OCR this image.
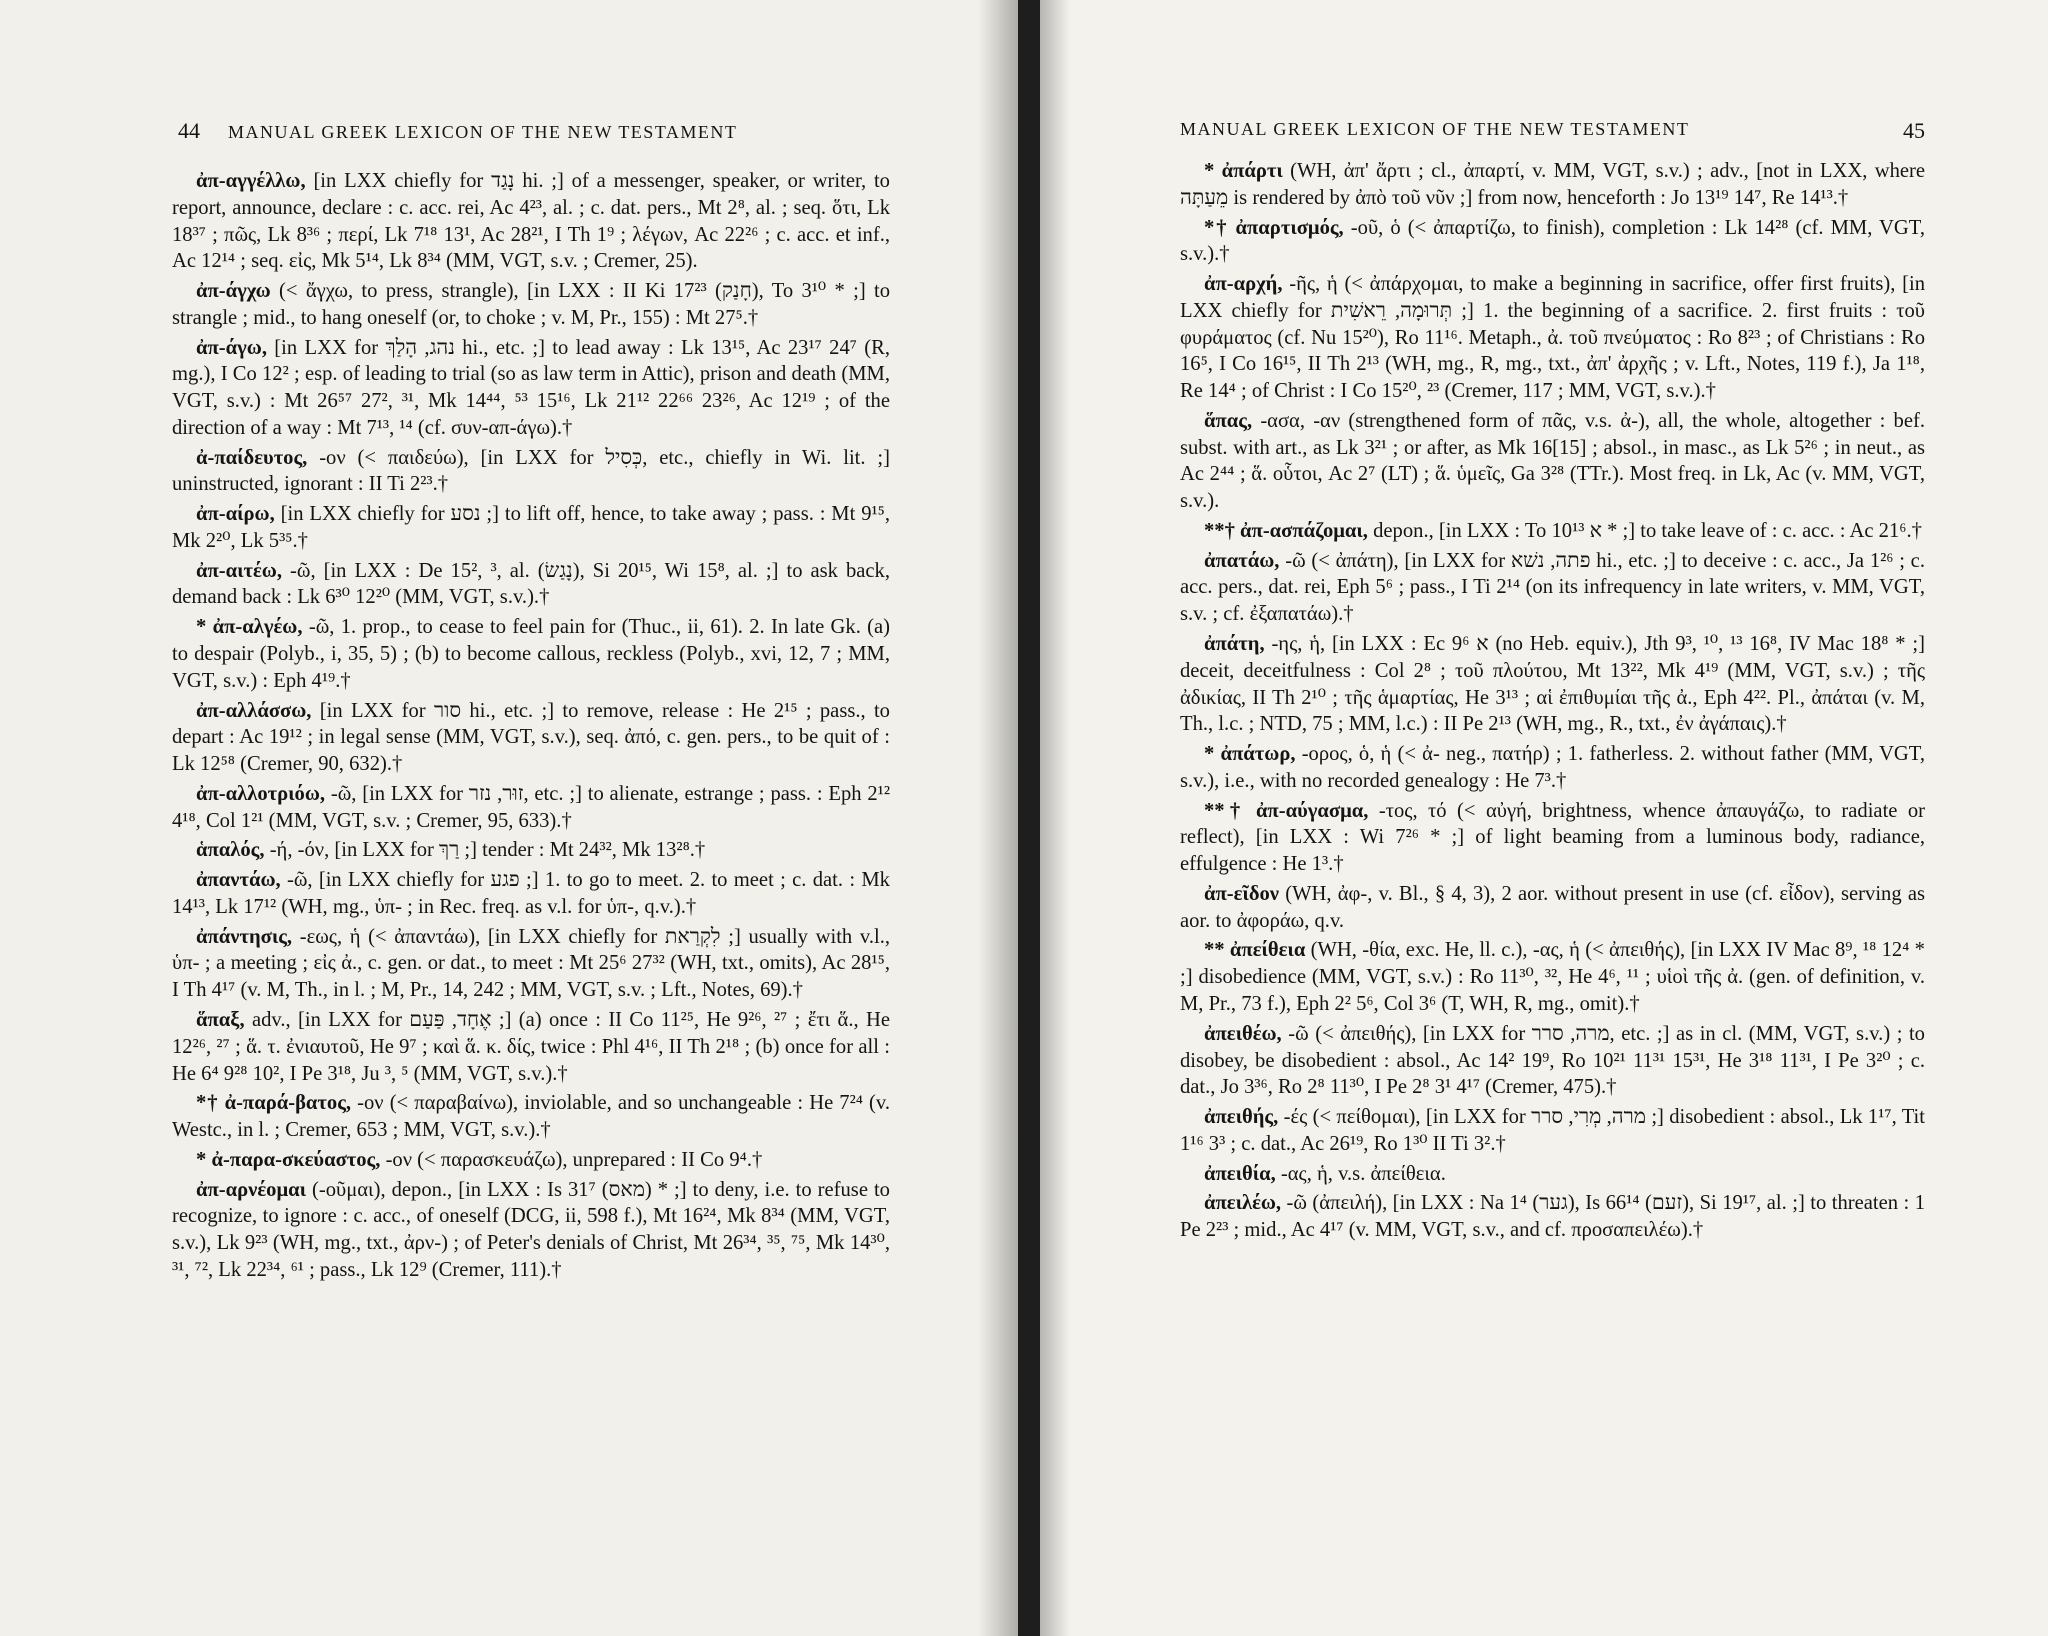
44 MANUAL GREEK LEXICON OF THE NEW TESTAMENT

ἀπ-αγγέλλω, [in LXX chiefly for נָגַד hi. ;] of a messenger, speaker, or writer, to report, announce, declare : c. acc. rei, Ac 4²³, al. ; c. dat. pers., Mt 2⁸, al. ; seq. ὅτι, Lk 18³⁷ ; πῶς, Lk 8³⁶ ; περί, Lk 7¹⁸ 13¹, Ac 28²¹, I Th 1⁹ ; λέγων, Ac 22²⁶ ; c. acc. et inf., Ac 12¹⁴ ; seq. εἰς, Mk 5¹⁴, Lk 8³⁴ (MM, VGT, s.v. ; Cremer, 25).

ἀπ-άγχω (< ἄγχω, to press, strangle), [in LXX : II Ki 17²³ (חָנַק), To 3¹⁰ * ;] to strangle ; mid., to hang oneself (or, to choke ; v. M, Pr., 155) : Mt 27⁵.†

ἀπ-άγω, [in LXX for נהג, הָלַךְ hi., etc. ;] to lead away : Lk 13¹⁵, Ac 23¹⁷ 24⁷ (R, mg.), I Co 12² ; esp. of leading to trial (so as law term in Attic), prison and death (MM, VGT, s.v.) : Mt 26⁵⁷ 27², ³¹, Mk 14⁴⁴, ⁵³ 15¹⁶, Lk 21¹² 22⁶⁶ 23²⁶, Ac 12¹⁹ ; of the direction of a way : Mt 7¹³, ¹⁴ (cf. συν-απ-άγω).†

ἀ-παίδευτος, -ον (< παιδεύω), [in LXX for כְּסִיל, etc., chiefly in Wi. lit. ;] uninstructed, ignorant : II Ti 2²³.†

ἀπ-αίρω, [in LXX chiefly for נסע ;] to lift off, hence, to take away ; pass. : Mt 9¹⁵, Mk 2²⁰, Lk 5³⁵.†

ἀπ-αιτέω, -ῶ, [in LXX : De 15², ³, al. (נָגַשׂ), Si 20¹⁵, Wi 15⁸, al. ;] to ask back, demand back : Lk 6³⁰ 12²⁰ (MM, VGT, s.v.).†

* ἀπ-αλγέω, -ῶ, 1. prop., to cease to feel pain for (Thuc., ii, 61). 2. In late Gk. (a) to despair (Polyb., i, 35, 5) ; (b) to become callous, reckless (Polyb., xvi, 12, 7 ; MM, VGT, s.v.) : Eph 4¹⁹.†

ἀπ-αλλάσσω, [in LXX for סור hi., etc. ;] to remove, release : He 2¹⁵ ; pass., to depart : Ac 19¹² ; in legal sense (MM, VGT, s.v.), seq. ἀπό, c. gen. pers., to be quit of : Lk 12⁵⁸ (Cremer, 90, 632).†

ἀπ-αλλοτριόω, -ῶ, [in LXX for זוּר, נזר, etc. ;] to alienate, estrange ; pass. : Eph 2¹² 4¹⁸, Col 1²¹ (MM, VGT, s.v. ; Cremer, 95, 633).†

ἁπαλός, -ή, -όν, [in LXX for רַךְ ;] tender : Mt 24³², Mk 13²⁸.†

ἀπαντάω, -ῶ, [in LXX chiefly for פגע ;] 1. to go to meet. 2. to meet ; c. dat. : Mk 14¹³, Lk 17¹² (WH, mg., ὑπ- ; in Rec. freq. as v.l. for ὑπ-, q.v.).†

ἀπάντησις, -εως, ἡ (< ἀπαντάω), [in LXX chiefly for לִקְרַאת ;] usually with v.l., ὑπ- ; a meeting ; εἰς ἀ., c. gen. or dat., to meet : Mt 25⁶ 27³² (WH, txt., omits), Ac 28¹⁵, I Th 4¹⁷ (v. M, Th., in l. ; M, Pr., 14, 242 ; MM, VGT, s.v. ; Lft., Notes, 69).†

ἅπαξ, adv., [in LXX for אֶחָד, פַּעַם ;] (a) once : II Co 11²⁵, He 9²⁶, ²⁷ ; ἔτι ἅ., He 12²⁶, ²⁷ ; ἅ. τ. ἐνιαυτοῦ, He 9⁷ ; καὶ ἅ. κ. δίς, twice : Phl 4¹⁶, II Th 2¹⁸ ; (b) once for all : He 6⁴ 9²⁸ 10², I Pe 3¹⁸, Ju ³, ⁵ (MM, VGT, s.v.).†

*† ἀ-παρά-βατος, -ον (< παραβαίνω), inviolable, and so unchangeable : He 7²⁴ (v. Westc., in l. ; Cremer, 653 ; MM, VGT, s.v.).†

* ἀ-παρα-σκεύαστος, -ον (< παρασκευάζω), unprepared : II Co 9⁴.†

ἀπ-αρνέομαι (-οῦμαι), depon., [in LXX : Is 31⁷ (מאס) * ;] to deny, i.e. to refuse to recognize, to ignore : c. acc., of oneself (DCG, ii, 598 f.), Mt 16²⁴, Mk 8³⁴ (MM, VGT, s.v.), Lk 9²³ (WH, mg., txt., ἀρν-) ; of Peter's denials of Christ, Mt 26³⁴, ³⁵, ⁷⁵, Mk 14³⁰, ³¹, ⁷², Lk 22³⁴, ⁶¹ ; pass., Lk 12⁹ (Cremer, 111).†

MANUAL GREEK LEXICON OF THE NEW TESTAMENT	45

* ἀπάρτι (WH, ἀπ' ἄρτι ; cl., ἀπαρτί, v. MM, VGT, s.v.) ; adv., [not in LXX, where מֵעַתָּה is rendered by ἀπὸ τοῦ νῦν ;] from now, henceforth : Jo 13¹⁹ 14⁷, Re 14¹³.†

*† ἀπαρτισμός, -οῦ, ὁ (< ἀπαρτίζω, to finish), completion : Lk 14²⁸ (cf. MM, VGT, s.v.).†

ἀπ-αρχή, -ῆς, ἡ (< ἀπάρχομαι, to make a beginning in sacrifice, offer first fruits), [in LXX chiefly for תְּרוּמָה, רֵאשִׁית ;] 1. the beginning of a sacrifice. 2. first fruits : τοῦ φυράματος (cf. Nu 15²⁰), Ro 11¹⁶. Metaph., ἀ. τοῦ πνεύματος : Ro 8²³ ; of Christians : Ro 16⁵, I Co 16¹⁵, II Th 2¹³ (WH, mg., R, mg., txt., ἀπ' ἀρχῆς ; v. Lft., Notes, 119 f.), Ja 1¹⁸, Re 14⁴ ; of Christ : I Co 15²⁰, ²³ (Cremer, 117 ; MM, VGT, s.v.).†

ἅπας, -ασα, -αν (strengthened form of πᾶς, v.s. ἀ-), all, the whole, altogether : bef. subst. with art., as Lk 3²¹ ; or after, as Mk 16[15] ; absol., in masc., as Lk 5²⁶ ; in neut., as Ac 2⁴⁴ ; ἅ. οὗτοι, Ac 2⁷ (LT) ; ἅ. ὑμεῖς, Ga 3²⁸ (TTr.). Most freq. in Lk, Ac (v. MM, VGT, s.v.).

**† ἀπ-ασπάζομαι, depon., [in LXX : To 10¹³ א * ;] to take leave of : c. acc. : Ac 21⁶.†

ἀπατάω, -ῶ (< ἀπάτη), [in LXX for פתה, נשׁא hi., etc. ;] to deceive : c. acc., Ja 1²⁶ ; c. acc. pers., dat. rei, Eph 5⁶ ; pass., I Ti 2¹⁴ (on its infrequency in late writers, v. MM, VGT, s.v. ; cf. ἐξαπατάω).†

ἀπάτη, -ης, ἡ, [in LXX : Ec 9⁶ א (no Heb. equiv.), Jth 9³, ¹⁰, ¹³ 16⁸, IV Mac 18⁸ * ;] deceit, deceitfulness : Col 2⁸ ; τοῦ πλούτου, Mt 13²², Mk 4¹⁹ (MM, VGT, s.v.) ; τῆς ἀδικίας, II Th 2¹⁰ ; τῆς ἁμαρτίας, He 3¹³ ; αἱ ἐπιθυμίαι τῆς ἀ., Eph 4²². Pl., ἀπάται (v. M, Th., l.c. ; NTD, 75 ; MM, l.c.) : II Pe 2¹³ (WH, mg., R., txt., ἐν ἀγάπαις).†

* ἀπάτωρ, -ορος, ὁ, ἡ (< ἀ- neg., πατήρ) ; 1. fatherless. 2. without father (MM, VGT, s.v.), i.e., with no recorded genealogy : He 7³.†

**† ἀπ-αύγασμα, -τος, τό (< αὐγή, brightness, whence ἀπαυγάζω, to radiate or reflect), [in LXX : Wi 7²⁶ * ;] of light beaming from a luminous body, radiance, effulgence : He 1³.†

ἀπ-εῖδον (WH, ἀφ-, v. Bl., § 4, 3), 2 aor. without present in use (cf. εἶδον), serving as aor. to ἀφοράω, q.v.

** ἀπείθεια (WH, -θία, exc. He, ll. c.), -ας, ἡ (< ἀπειθής), [in LXX IV Mac 8⁹, ¹⁸ 12⁴ * ;] disobedience (MM, VGT, s.v.) : Ro 11³⁰, ³², He 4⁶, ¹¹ ; υἱοὶ τῆς ἀ. (gen. of definition, v. M, Pr., 73 f.), Eph 2² 5⁶, Col 3⁶ (T, WH, R, mg., omit).†

ἀπειθέω, -ῶ (< ἀπειθής), [in LXX for מרה, סרר, etc. ;] as in cl. (MM, VGT, s.v.) ; to disobey, be disobedient : absol., Ac 14² 19⁹, Ro 10²¹ 11³¹ 15³¹, He 3¹⁸ 11³¹, I Pe 3²⁰ ; c. dat., Jo 3³⁶, Ro 2⁸ 11³⁰, I Pe 2⁸ 3¹ 4¹⁷ (Cremer, 475).†

ἀπειθής, -ές (< πείθομαι), [in LXX for מרה, מְרִי, סרר ;] disobedient : absol., Lk 1¹⁷, Tit 1¹⁶ 3³ ; c. dat., Ac 26¹⁹, Ro 1³⁰ II Ti 3².†

ἀπειθία, -ας, ἡ, v.s. ἀπείθεια.

ἀπειλέω, -ῶ (ἀπειλή), [in LXX : Na 1⁴ (גער), Is 66¹⁴ (זעם), Si 19¹⁷, al. ;] to threaten : 1 Pe 2²³ ; mid., Ac 4¹⁷ (v. MM, VGT, s.v., and cf. προσαπειλέω).†
